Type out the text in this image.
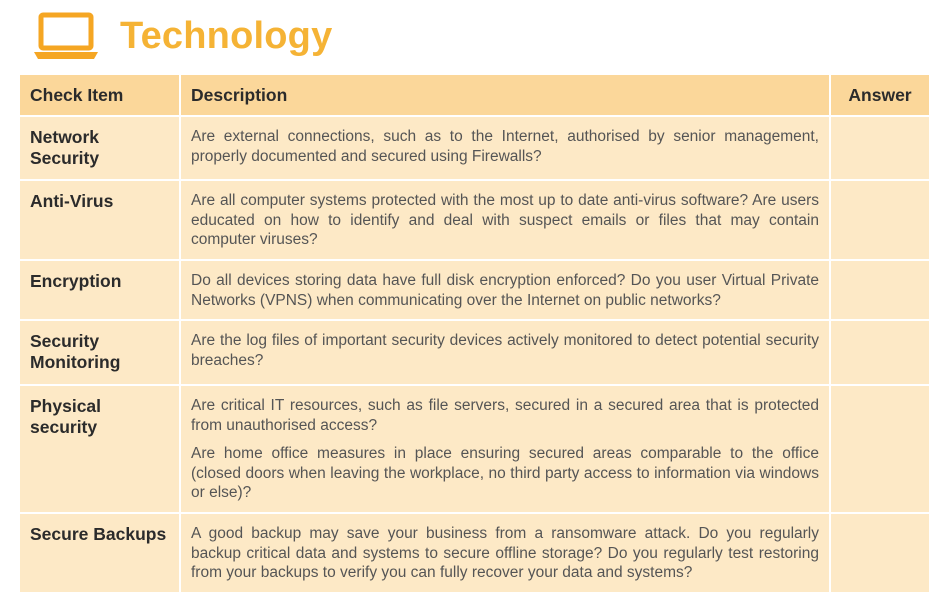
Technology
Check Item	Description	Answer
Network Security	Are external connections, such as to the Internet, authorised by senior management, properly documented and secured using Firewalls?	

Anti-Virus	Are all computer systems protected with the most up to date anti-virus software? Are users educated on how to identify and deal with suspect emails or files that may contain computer viruses?	

Encryption	Do all devices storing data have full disk encryption enforced? Do you user Virtual Private Networks (VPNS) when communicating over the Internet on public networks?	

Security Monitoring	Are the log files of important security devices actively monitored to detect potential security breaches?	

Physical security	Are critical IT resources, such as file servers, secured in a secured area that is protected from unauthorised access?

Are home office measures in place ensuring secured areas comparable to the office (closed doors when leaving the workplace, no third party access to information via windows or else)?	

Secure Backups	A good backup may save your business from a ransomware attack. Do you regularly backup critical data and systems to secure offline storage? Do you regularly test restoring from your backups to verify you can fully recover your data and systems?	
